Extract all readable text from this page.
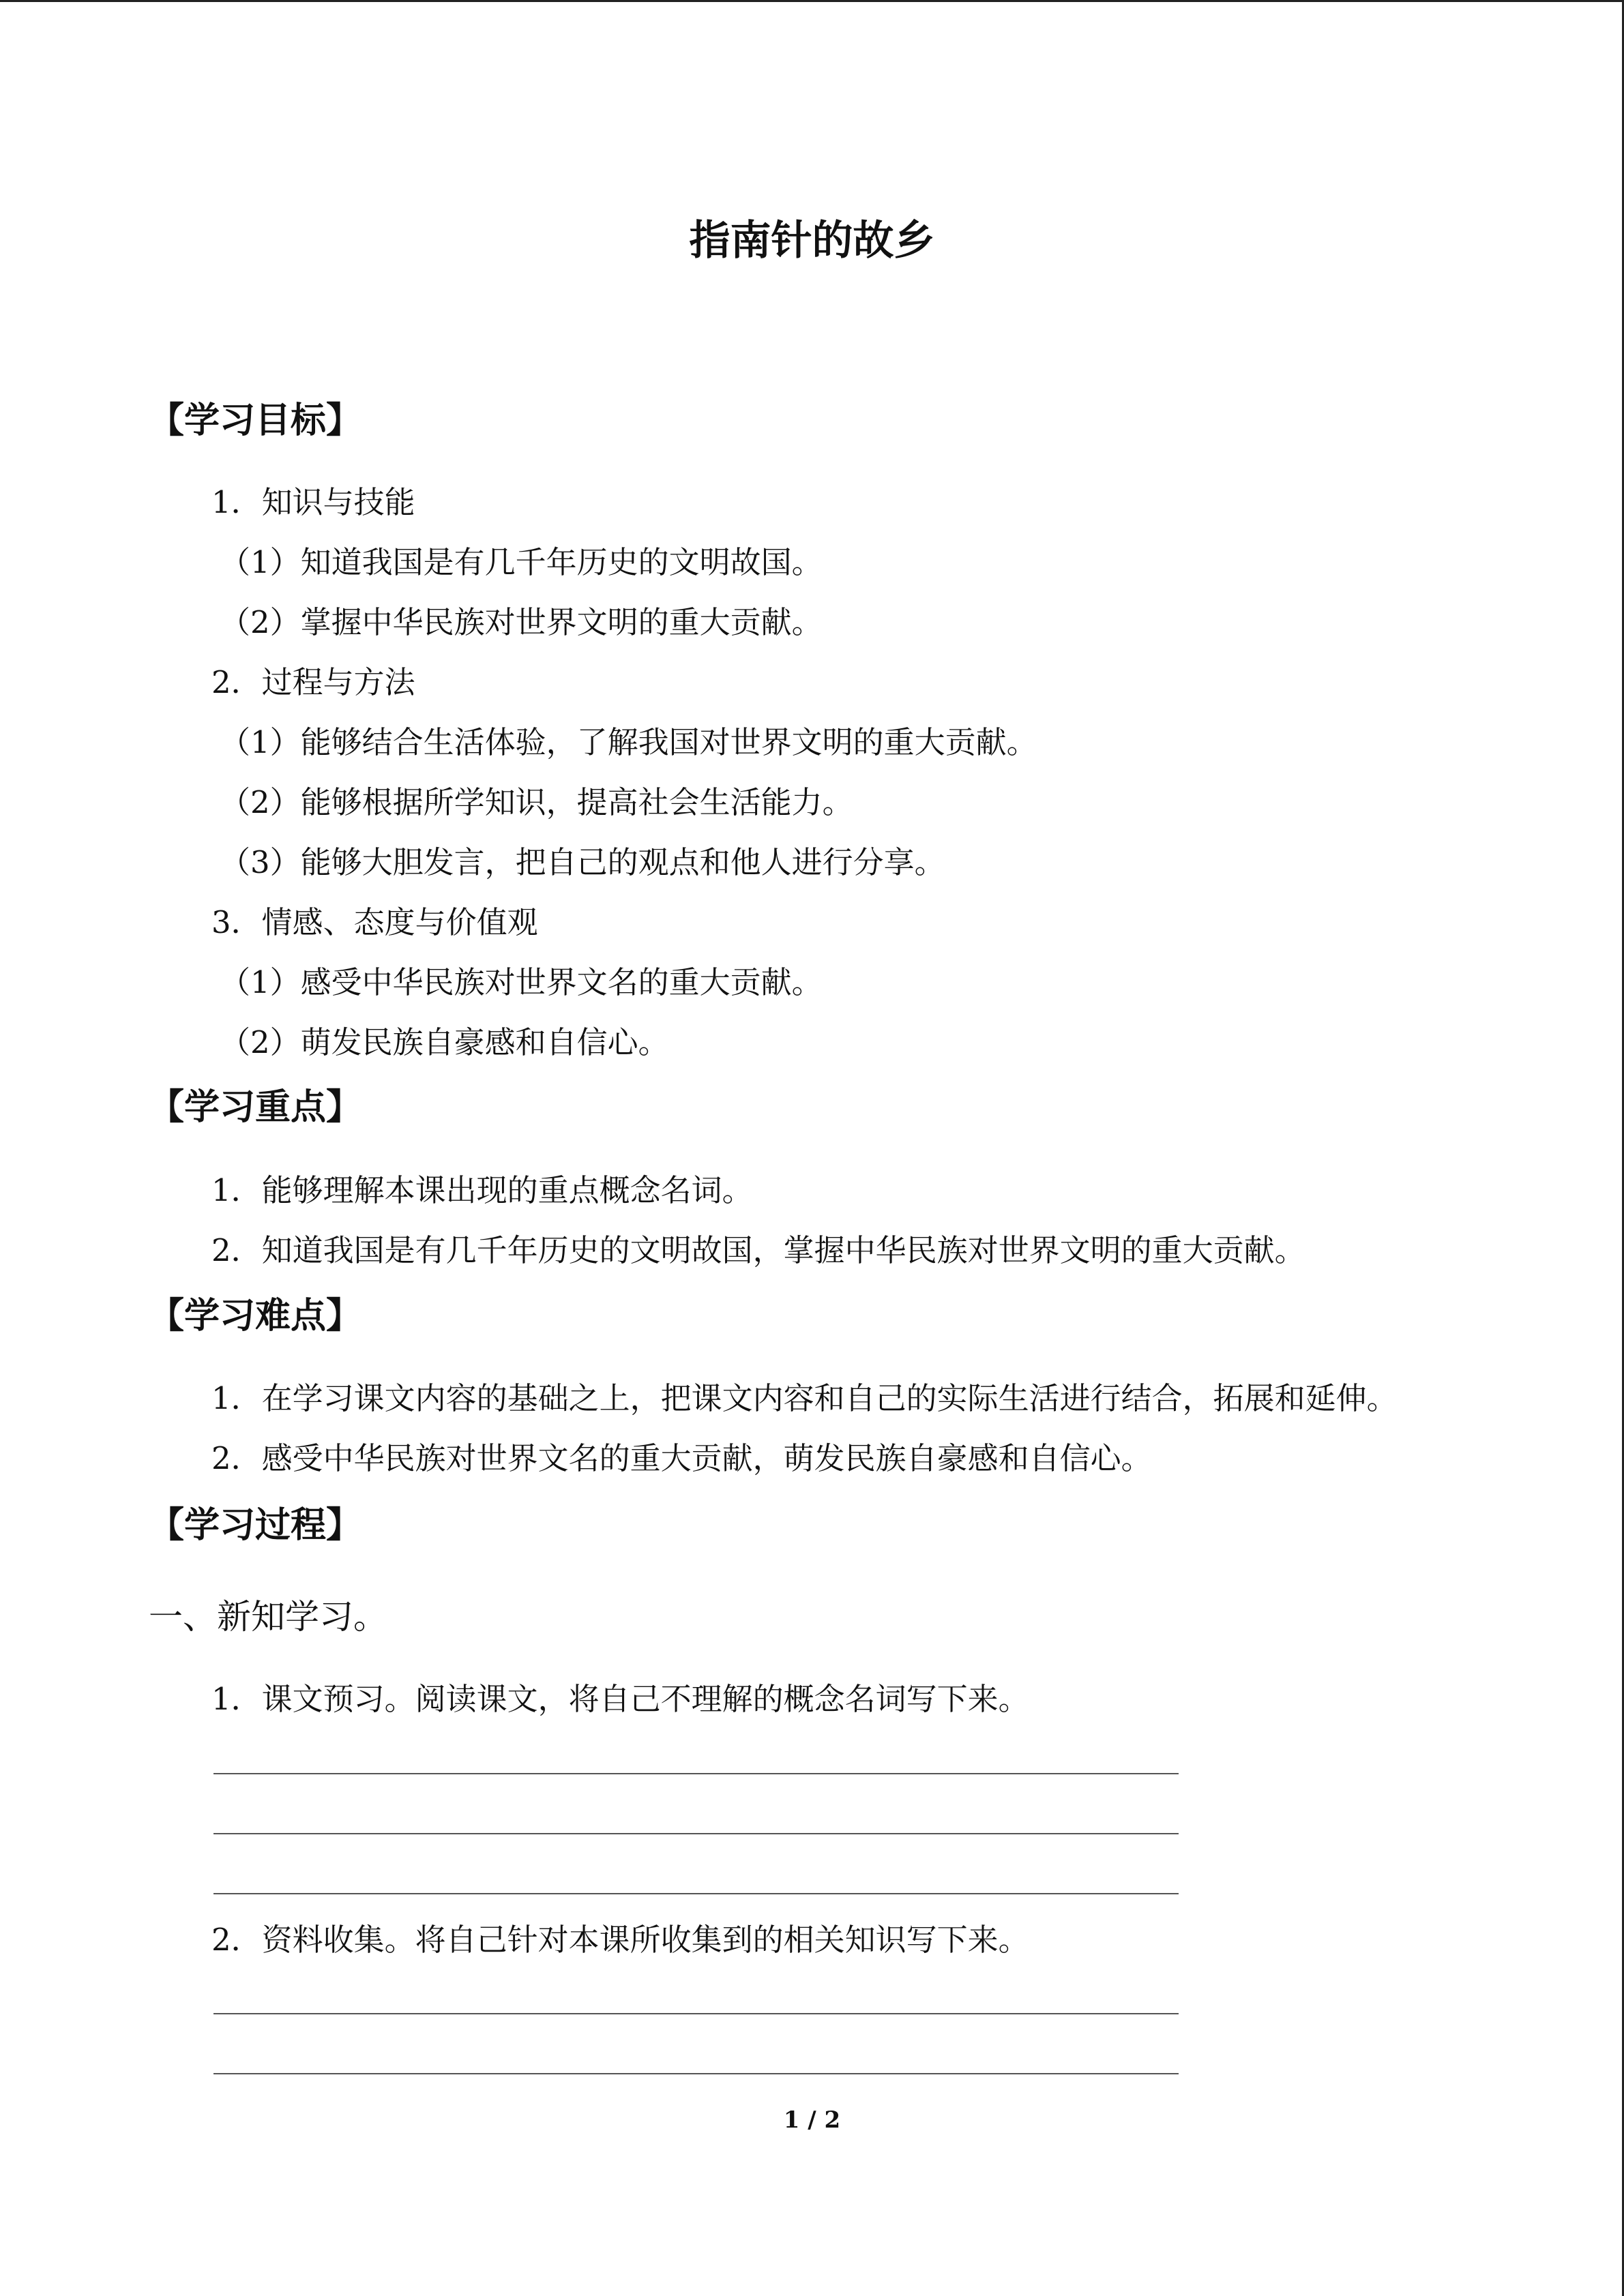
指南针的故乡
【学习目标】
1．知识与技能
（1）知道我国是有几千年历史的文明故国。
（2）掌握中华民族对世界文明的重大贡献。
2．过程与方法
（1）能够结合生活体验，了解我国对世界文明的重大贡献。
（2）能够根据所学知识，提高社会生活能力。
（3）能够大胆发言，把自己的观点和他人进行分享。
3．情感、态度与价值观
（1）感受中华民族对世界文名的重大贡献。
（2）萌发民族自豪感和自信心。
【学习重点】
1．能够理解本课出现的重点概念名词。
2．知道我国是有几千年历史的文明故国，掌握中华民族对世界文明的重大贡献。
【学习难点】
1．在学习课文内容的基础之上，把课文内容和自己的实际生活进行结合，拓展和延伸。
2．感受中华民族对世界文名的重大贡献，萌发民族自豪感和自信心。
【学习过程】
一、新知学习。
1．课文预习。阅读课文，将自己不理解的概念名词写下来。
2．资料收集。将自己针对本课所收集到的相关知识写下来。
1 / 2
